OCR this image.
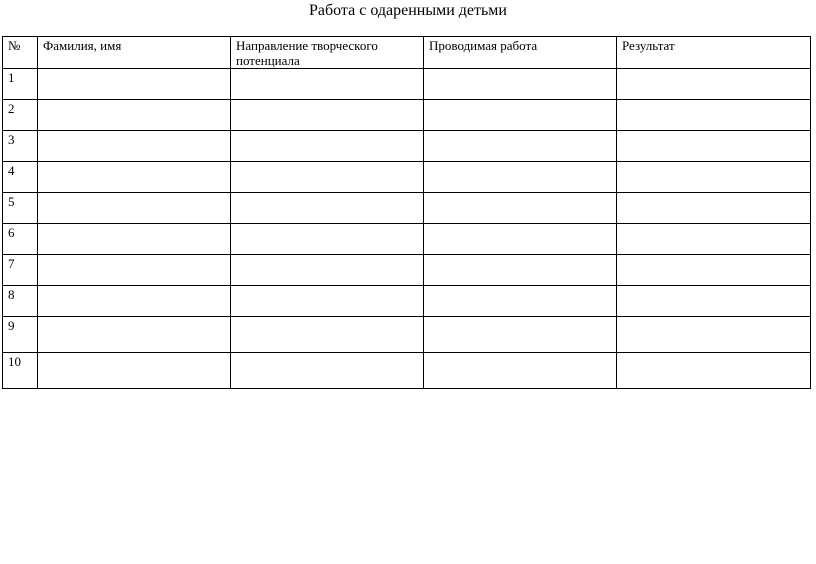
Работа с одаренными детьми
№	Фамилия, имя	Направление творческого потенциала	Проводимая работа	Результат
1				
2				
3				
4				
5				
6				
7				
8				
9				
10				
